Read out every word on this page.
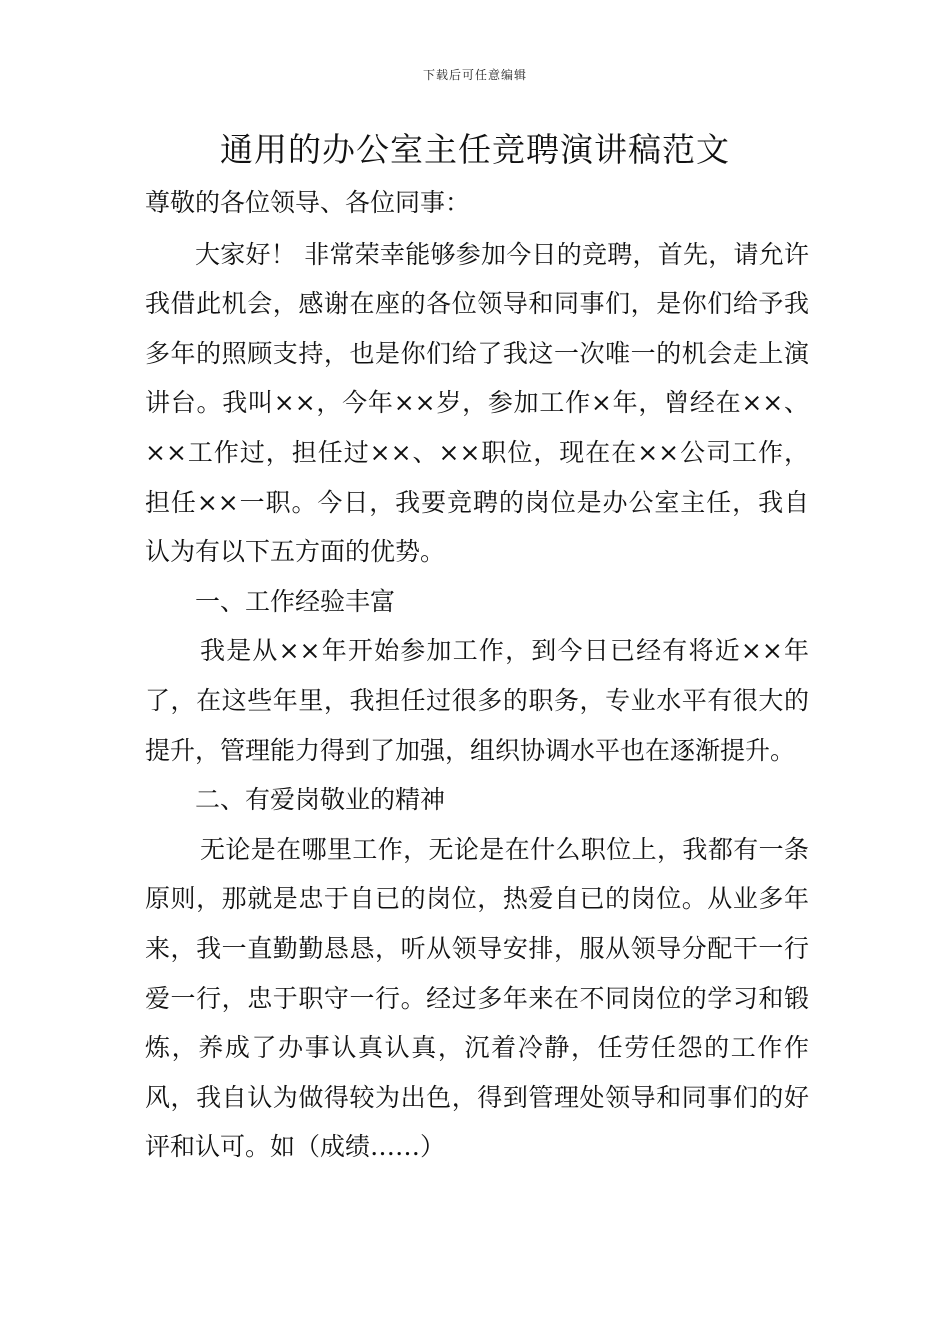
下载后可任意编辑
通用的办公室主任竞聘演讲稿范文

尊敬的各位领导、各位同事：

大家好！ 非常荣幸能够参加今日的竞聘，首先，请允许我借此机会，感谢在座的各位领导和同事们，是你们给予我多年的照顾支持，也是你们给了我这一次唯一的机会走上演讲台。我叫××，今年××岁，参加工作×年，曾经在××、××工作过，担任过××、××职位，现在在××公司工作，担任××一职。今日，我要竞聘的岗位是办公室主任，我自认为有以下五方面的优势。

一、工作经验丰富

我是从××年开始参加工作，到今日已经有将近××年了，在这些年里，我担任过很多的职务，专业水平有很大的提升，管理能力得到了加强，组织协调水平也在逐渐提升。

二、有爱岗敬业的精神

无论是在哪里工作，无论是在什么职位上，我都有一条原则，那就是忠于自已的岗位，热爱自已的岗位。从业多年来，我一直勤勤恳恳，听从领导安排，服从领导分配干一行爱一行，忠于职守一行。经过多年来在不同岗位的学习和锻炼，养成了办事认真认真，沉着冷静，任劳任怨的工作作风，我自认为做得较为出色，得到管理处领导和同事们的好评和认可。如（成绩……）
